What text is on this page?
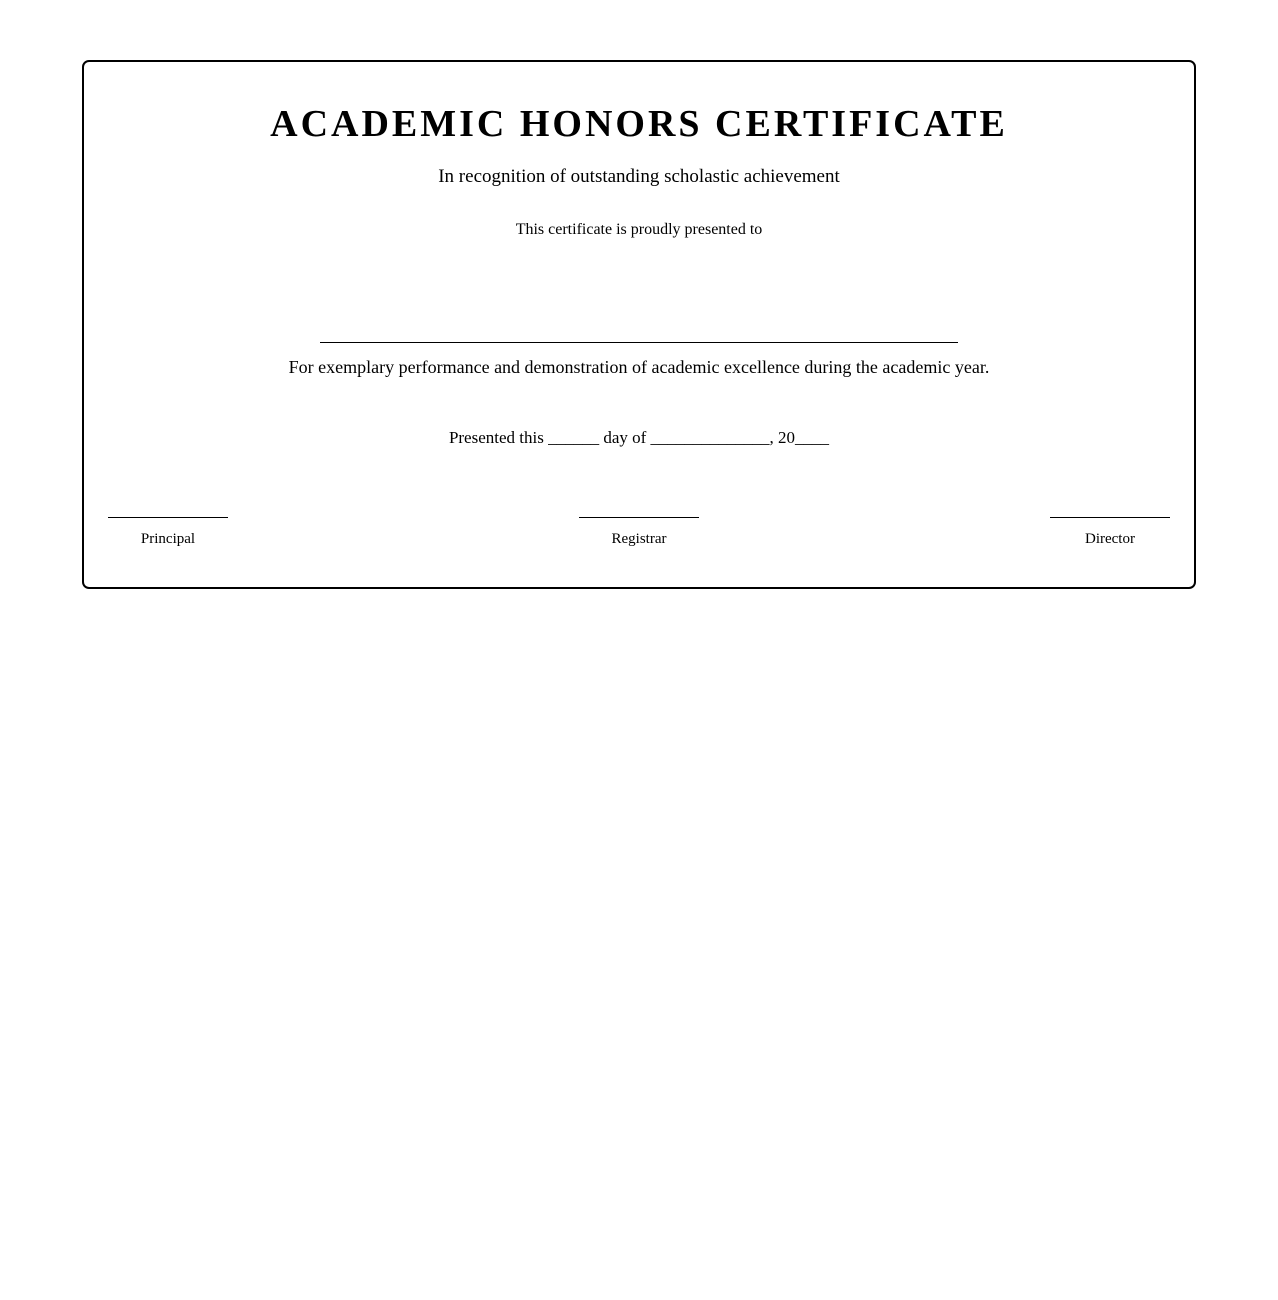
ACADEMIC HONORS CERTIFICATE
In recognition of outstanding scholastic achievement
This certificate is proudly presented to
For exemplary performance and demonstration of academic excellence during the academic year.
Presented this ______ day of ______________, 20____
Principal	Registrar	Director
